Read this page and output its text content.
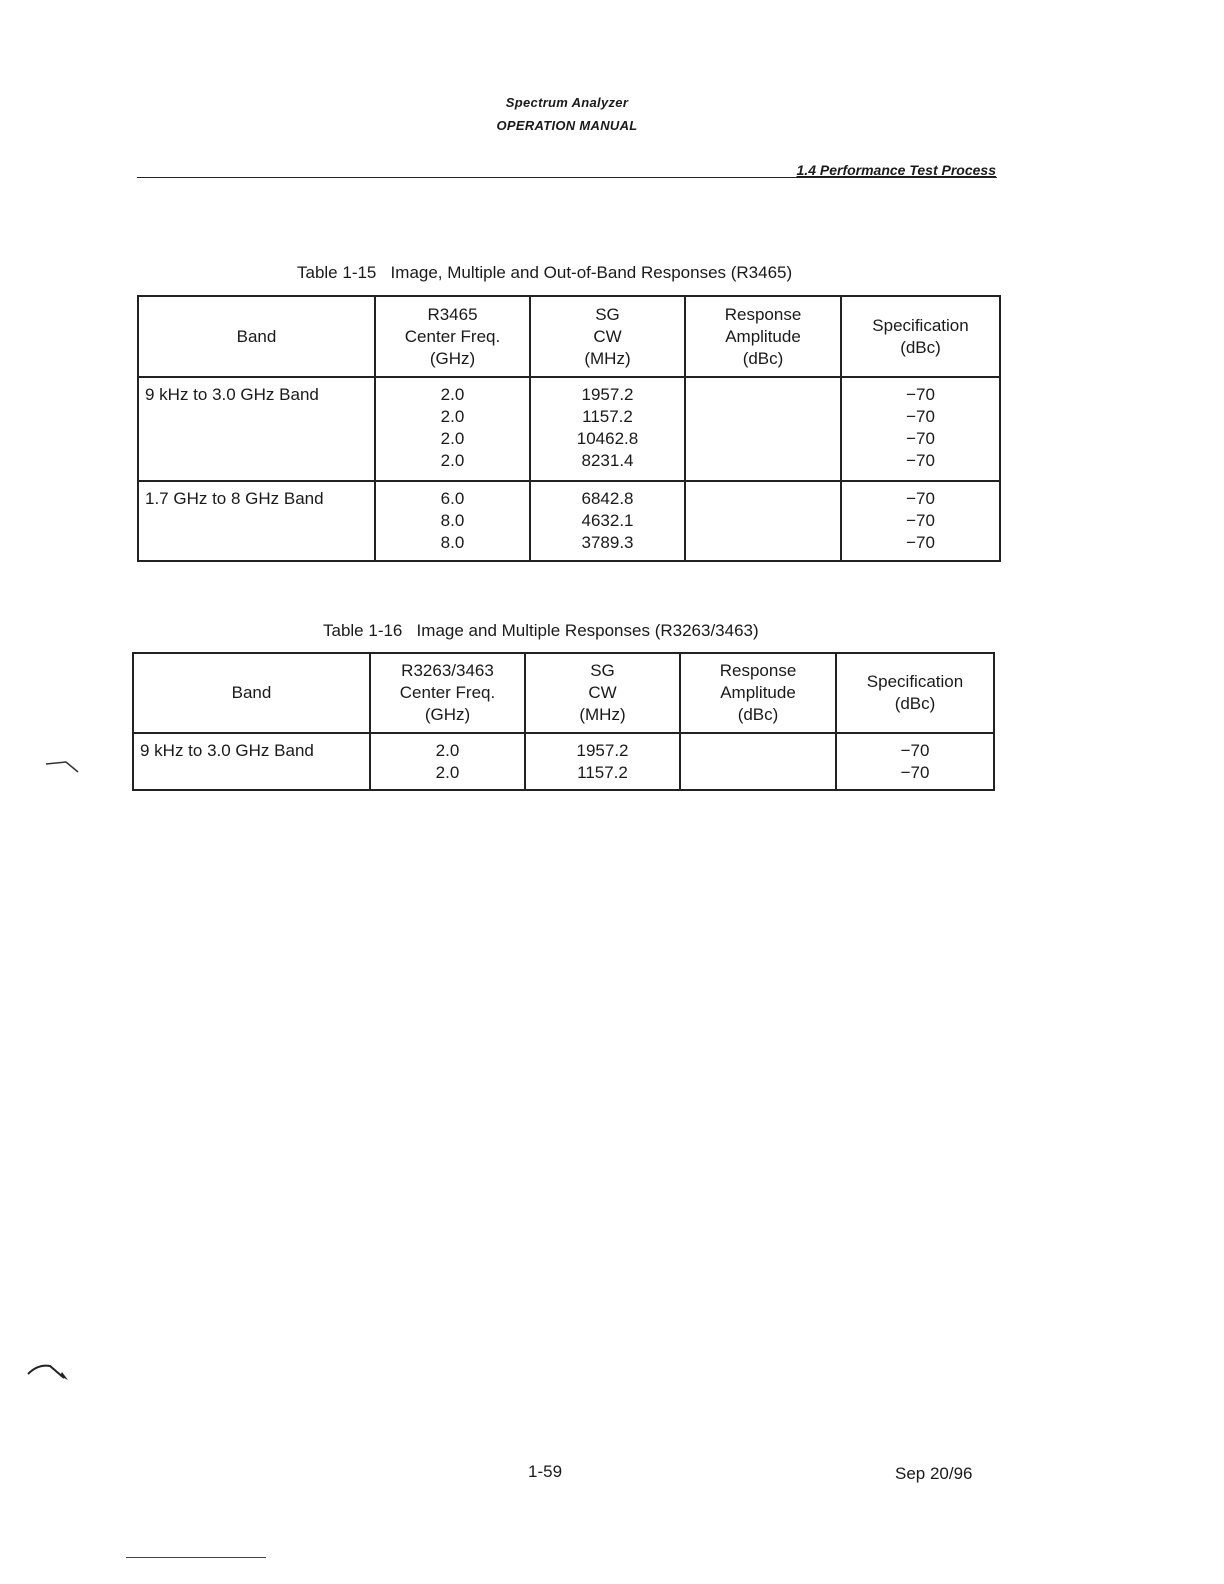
Spectrum Analyzer
OPERATION MANUAL
1.4 Performance Test Process
Table 1-15   Image, Multiple and Out-of-Band Responses (R3465)
Band	R3465
Center Freq.
(GHz)	SG
CW
(MHz)	Response
Amplitude
(dBc)	Specification
(dBc)

9 kHz to 3.0 GHz Band	2.0
2.0
2.0
2.0	1957.2
1157.2
10462.8
8231.4		−70
−70
−70
−70

1.7 GHz to 8 GHz Band	6.0
8.0
8.0	6842.8
4632.1
3789.3		−70
−70
−70
Table 1-16   Image and Multiple Responses (R3263/3463)
Band	R3263/3463
Center Freq.
(GHz)	SG
CW
(MHz)	Response
Amplitude
(dBc)	Specification
(dBc)

9 kHz to 3.0 GHz Band	2.0
2.0	1957.2
1157.2		−70
−70
1-59	Sep 20/96
